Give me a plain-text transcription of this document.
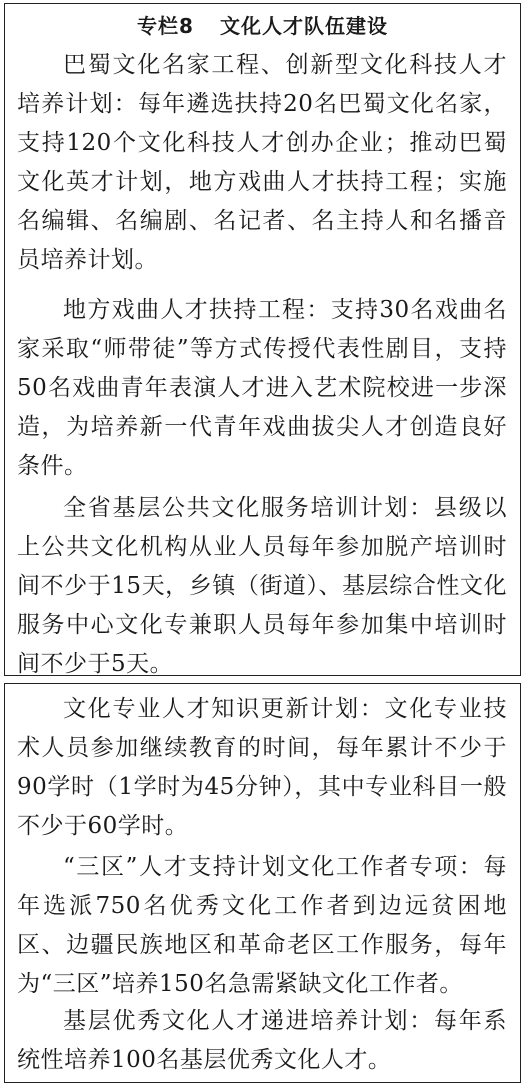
专栏8 文化人才队伍建设
巴蜀文化名家工程、创新型文化科技人才培养计划：每年遴选扶持20名巴蜀文化名家，支持120个文化科技人才创办企业；推动巴蜀文化英才计划，地方戏曲人才扶持工程；实施名编辑、名编剧、名记者、名主持人和名播音员培养计划。
地方戏曲人才扶持工程：支持30名戏曲名家采取“师带徒”等方式传授代表性剧目，支持50名戏曲青年表演人才进入艺术院校进一步深造，为培养新一代青年戏曲拔尖人才创造良好条件。
全省基层公共文化服务培训计划：县级以上公共文化机构从业人员每年参加脱产培训时间不少于15天，乡镇（街道）、基层综合性文化服务中心文化专兼职人员每年参加集中培训时间不少于5天。
文化专业人才知识更新计划：文化专业技术人员参加继续教育的时间，每年累计不少于90学时（1学时为45分钟），其中专业科目一般不少于60学时。
“三区”人才支持计划文化工作者专项：每年选派750名优秀文化工作者到边远贫困地区、边疆民族地区和革命老区工作服务，每年为“三区”培养150名急需紧缺文化工作者。
基层优秀文化人才递进培养计划：每年系统性培养100名基层优秀文化人才。
